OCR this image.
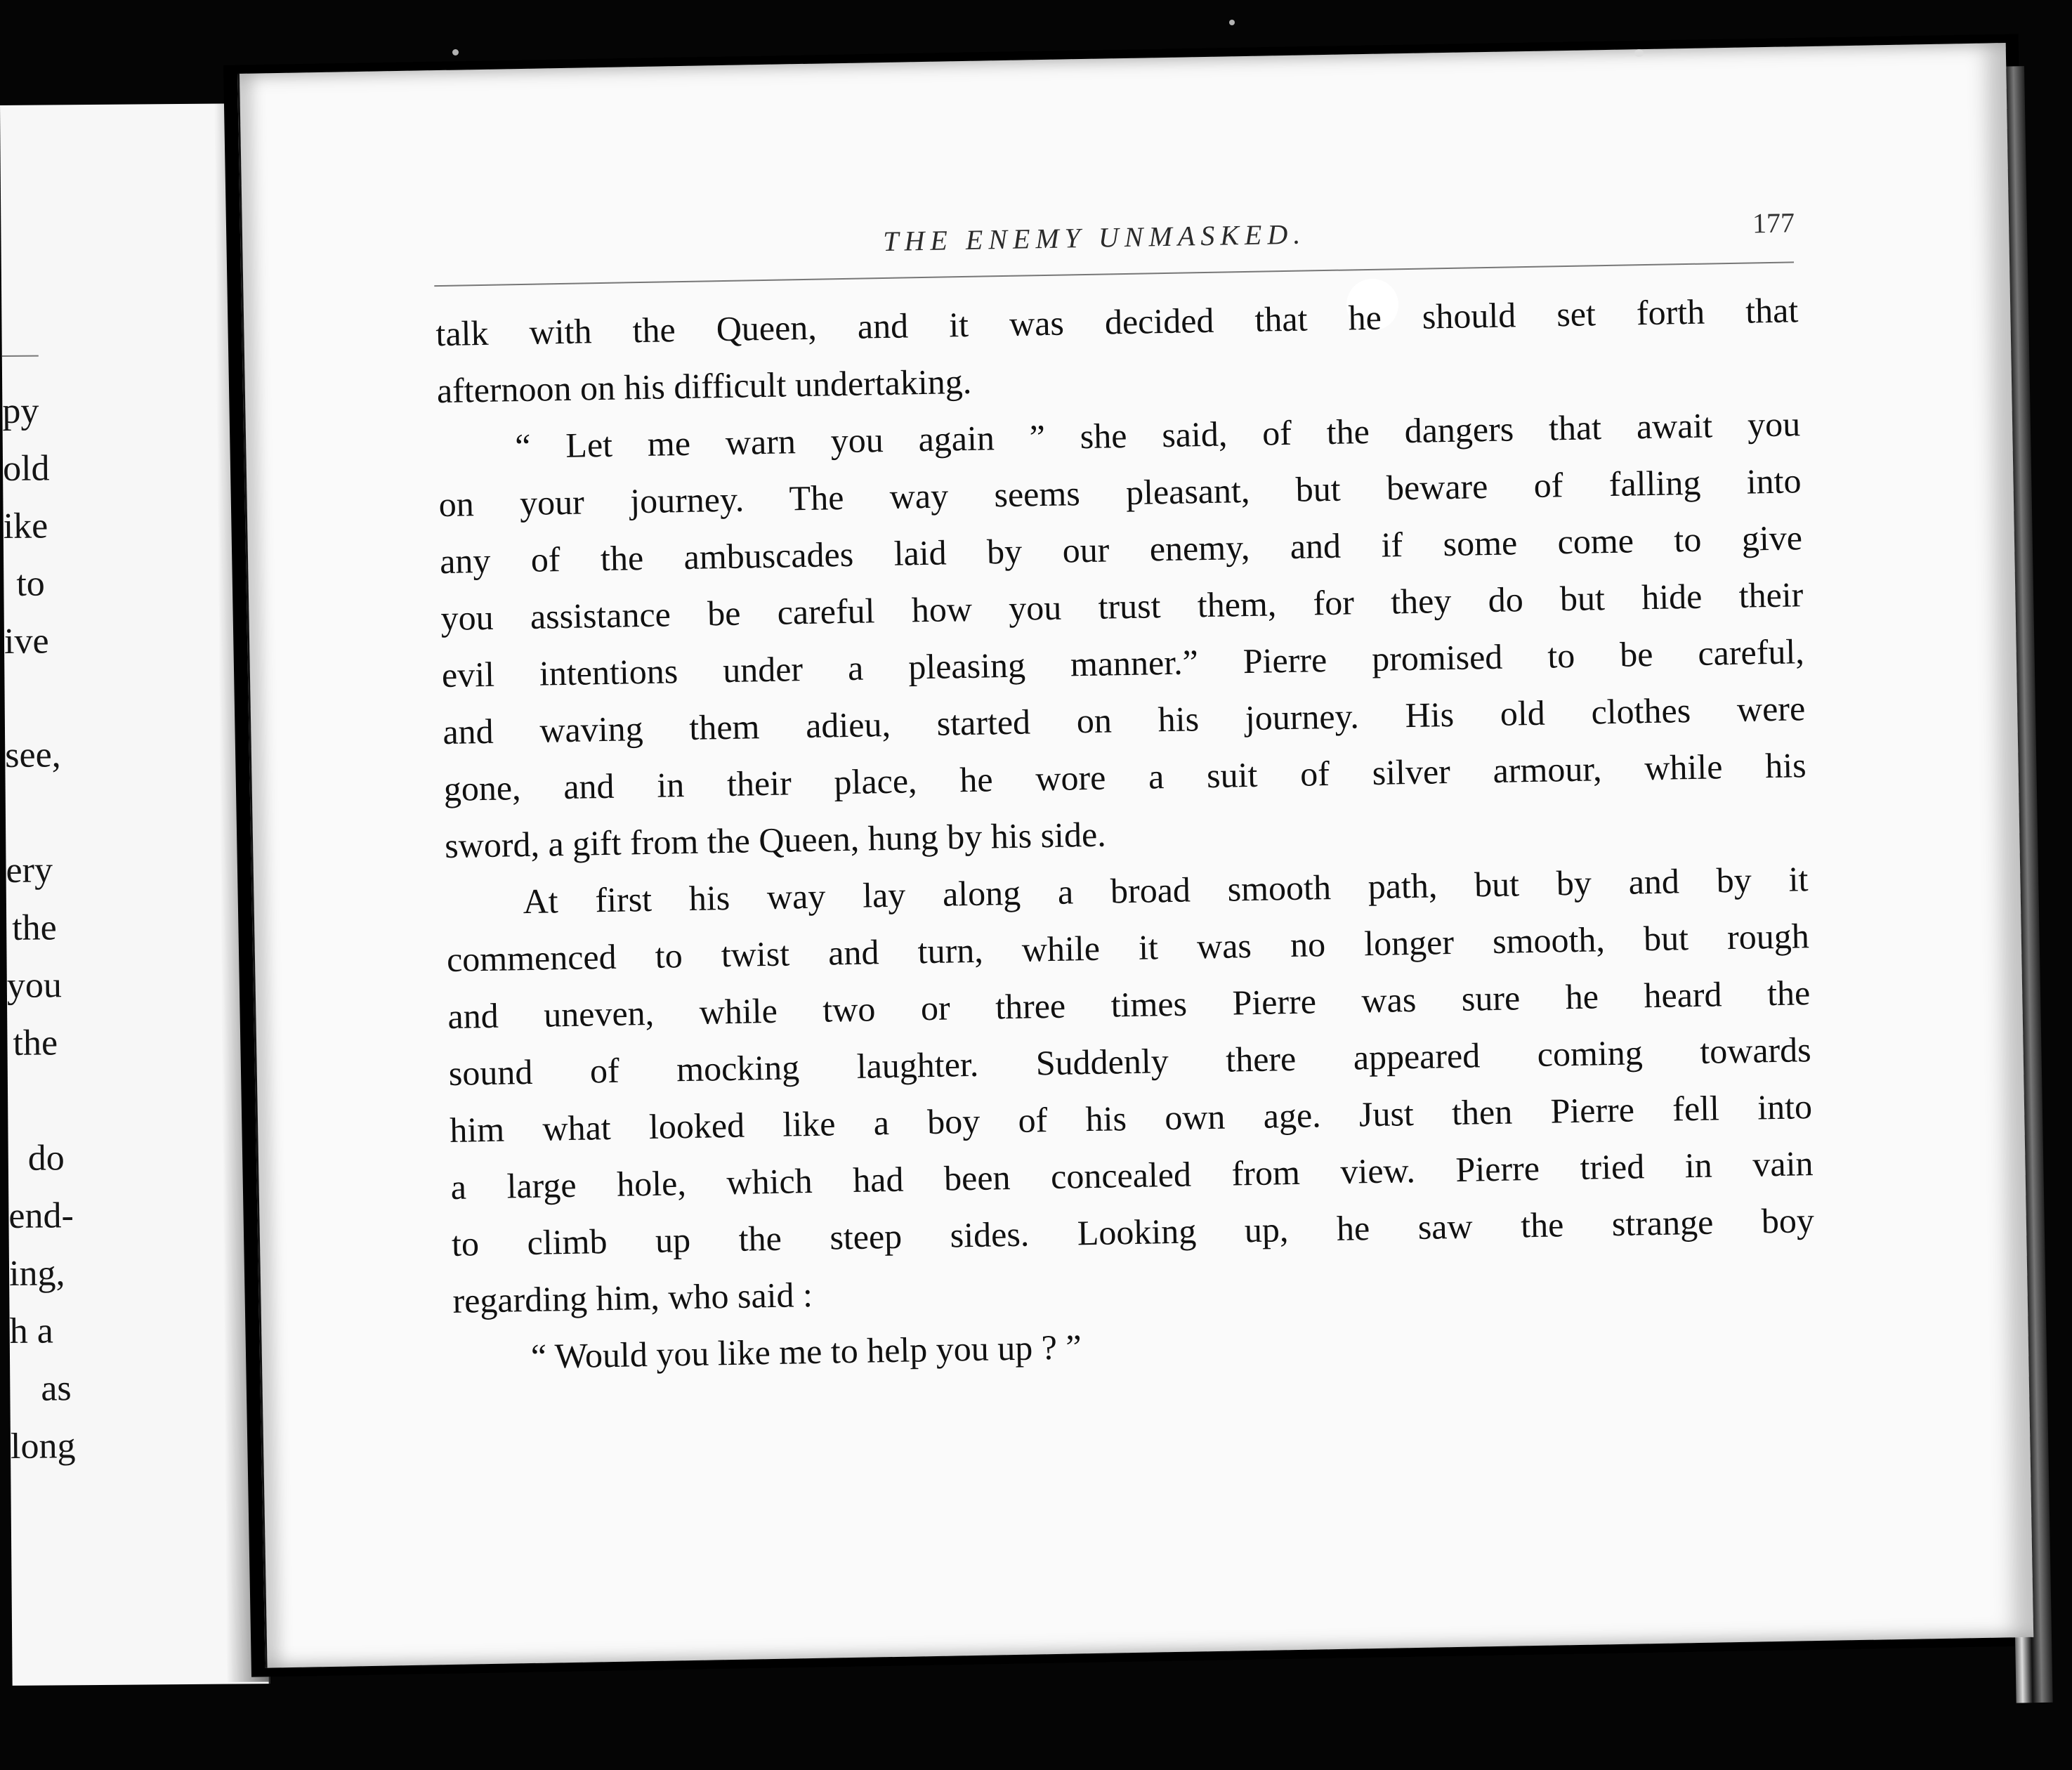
py
old
ike
to
ive
see,
ery
the
you
the
do
end-
ing,
h a
as
long
THE ENEMY UNMASKED.	177
talk with the Queen, and it was decided that he should set forth that
afternoon on his difficult undertaking.
“ Let me warn you again ” she said, of the dangers that await you
on your journey. The way seems pleasant, but beware of falling into
any of the ambuscades laid by our enemy, and if some come to give
you assistance be careful how you trust them, for they do but hide their
evil intentions under a pleasing manner.” Pierre promised to be careful,
and waving them adieu, started on his journey. His old clothes were
gone, and in their place, he wore a suit of silver armour, while his
sword, a gift from the Queen, hung by his side.
At first his way lay along a broad smooth path, but by and by it
commenced to twist and turn, while it was no longer smooth, but rough
and uneven, while two or three times Pierre was sure he heard the
sound of mocking laughter. Suddenly there appeared coming towards
him what looked like a boy of his own age. Just then Pierre fell into
a large hole, which had been concealed from view. Pierre tried in vain
to climb up the steep sides. Looking up, he saw the strange boy
regarding him, who said :
“ Would you like me to help you up ? ”
